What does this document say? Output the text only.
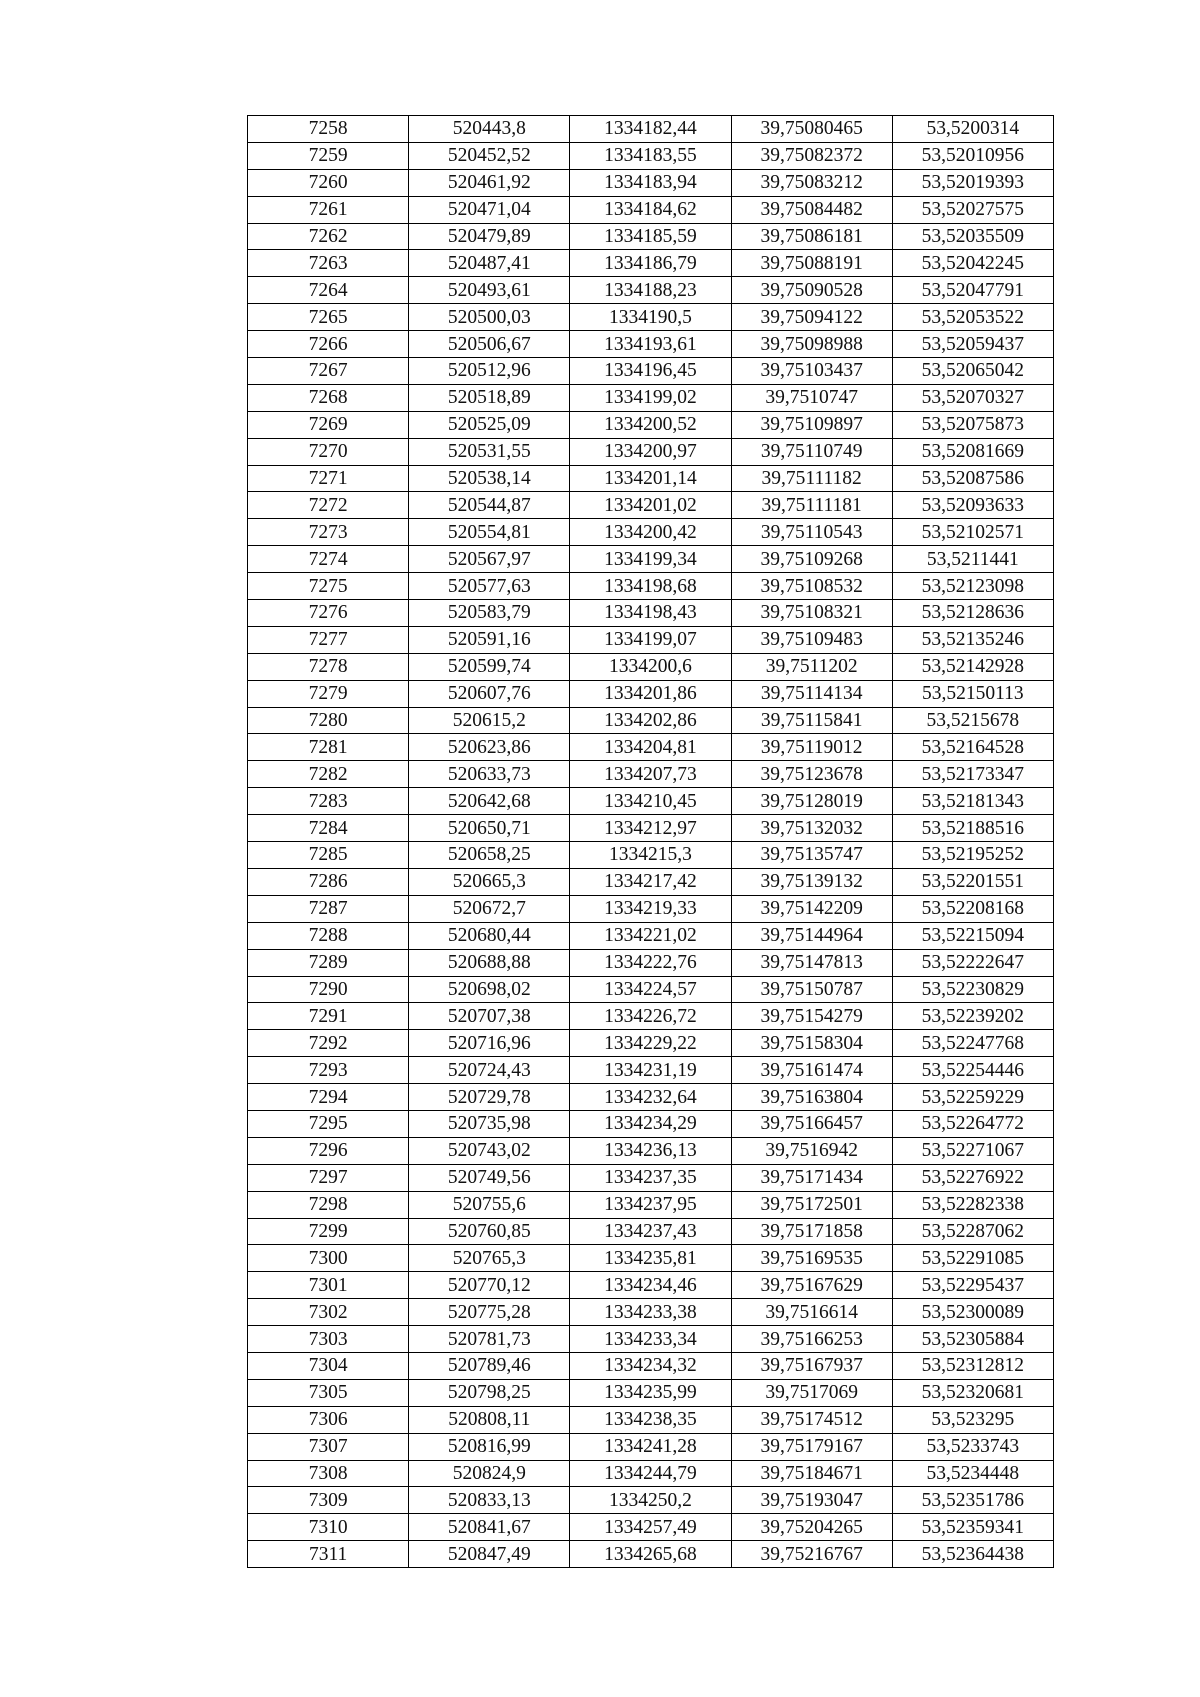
7258	520443,8	1334182,44	39,75080465	53,5200314
7259	520452,52	1334183,55	39,75082372	53,52010956
7260	520461,92	1334183,94	39,75083212	53,52019393
7261	520471,04	1334184,62	39,75084482	53,52027575
7262	520479,89	1334185,59	39,75086181	53,52035509
7263	520487,41	1334186,79	39,75088191	53,52042245
7264	520493,61	1334188,23	39,75090528	53,52047791
7265	520500,03	1334190,5	39,75094122	53,52053522
7266	520506,67	1334193,61	39,75098988	53,52059437
7267	520512,96	1334196,45	39,75103437	53,52065042
7268	520518,89	1334199,02	39,7510747	53,52070327
7269	520525,09	1334200,52	39,75109897	53,52075873
7270	520531,55	1334200,97	39,75110749	53,52081669
7271	520538,14	1334201,14	39,75111182	53,52087586
7272	520544,87	1334201,02	39,75111181	53,52093633
7273	520554,81	1334200,42	39,75110543	53,52102571
7274	520567,97	1334199,34	39,75109268	53,5211441
7275	520577,63	1334198,68	39,75108532	53,52123098
7276	520583,79	1334198,43	39,75108321	53,52128636
7277	520591,16	1334199,07	39,75109483	53,52135246
7278	520599,74	1334200,6	39,7511202	53,52142928
7279	520607,76	1334201,86	39,75114134	53,52150113
7280	520615,2	1334202,86	39,75115841	53,5215678
7281	520623,86	1334204,81	39,75119012	53,52164528
7282	520633,73	1334207,73	39,75123678	53,52173347
7283	520642,68	1334210,45	39,75128019	53,52181343
7284	520650,71	1334212,97	39,75132032	53,52188516
7285	520658,25	1334215,3	39,75135747	53,52195252
7286	520665,3	1334217,42	39,75139132	53,52201551
7287	520672,7	1334219,33	39,75142209	53,52208168
7288	520680,44	1334221,02	39,75144964	53,52215094
7289	520688,88	1334222,76	39,75147813	53,52222647
7290	520698,02	1334224,57	39,75150787	53,52230829
7291	520707,38	1334226,72	39,75154279	53,52239202
7292	520716,96	1334229,22	39,75158304	53,52247768
7293	520724,43	1334231,19	39,75161474	53,52254446
7294	520729,78	1334232,64	39,75163804	53,52259229
7295	520735,98	1334234,29	39,75166457	53,52264772
7296	520743,02	1334236,13	39,7516942	53,52271067
7297	520749,56	1334237,35	39,75171434	53,52276922
7298	520755,6	1334237,95	39,75172501	53,52282338
7299	520760,85	1334237,43	39,75171858	53,52287062
7300	520765,3	1334235,81	39,75169535	53,52291085
7301	520770,12	1334234,46	39,75167629	53,52295437
7302	520775,28	1334233,38	39,7516614	53,52300089
7303	520781,73	1334233,34	39,75166253	53,52305884
7304	520789,46	1334234,32	39,75167937	53,52312812
7305	520798,25	1334235,99	39,7517069	53,52320681
7306	520808,11	1334238,35	39,75174512	53,523295
7307	520816,99	1334241,28	39,75179167	53,5233743
7308	520824,9	1334244,79	39,75184671	53,5234448
7309	520833,13	1334250,2	39,75193047	53,52351786
7310	520841,67	1334257,49	39,75204265	53,52359341
7311	520847,49	1334265,68	39,75216767	53,52364438
